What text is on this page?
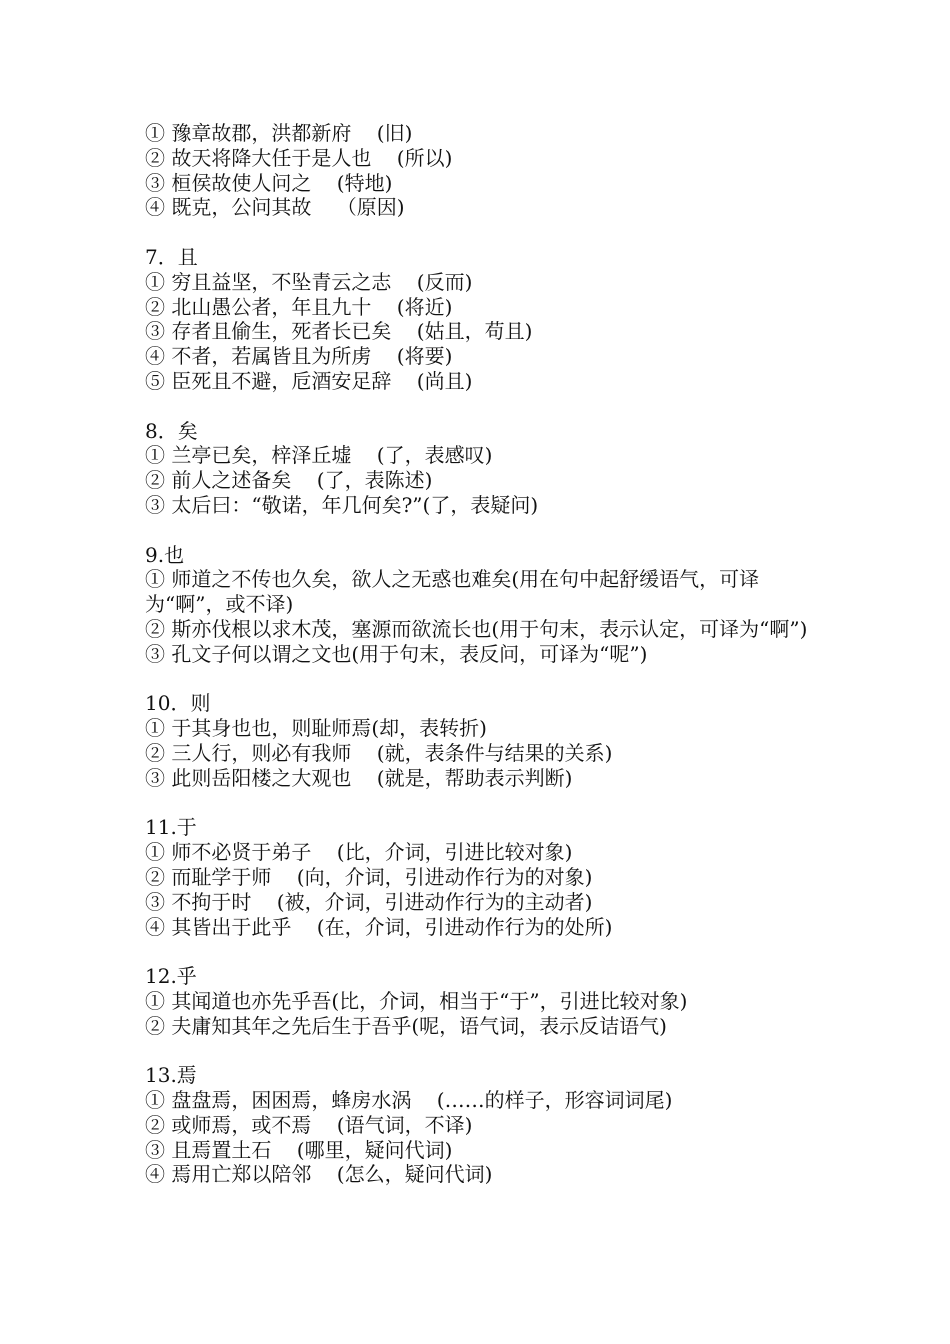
① 豫章故郡，洪都新府    (旧)
② 故天将降大任于是人也    (所以)
③ 桓侯故使人问之    (特地)
④ 既克，公问其故    （原因)
7．且
① 穷且益坚，不坠青云之志    (反而)
② 北山愚公者，年且九十    (将近)
③ 存者且偷生，死者长已矣    (姑且，苟且)
④ 不者，若属皆且为所虏    (将要)
⑤ 臣死且不避，卮酒安足辞    (尚且)
8．矣
① 兰亭已矣，梓泽丘墟    (了，表感叹)
② 前人之述备矣    (了，表陈述)
③ 太后曰：“敬诺，年几何矣?”(了，表疑问)
9.也
① 师道之不传也久矣，欲人之无惑也难矣(用在句中起舒缓语气，可译为“啊”，或不译)
② 斯亦伐根以求木茂，塞源而欲流长也(用于句末，表示认定，可译为“啊”)
③ 孔文子何以谓之文也(用于句末，表反问，可译为“呢”)
10．则
① 于其身也也，则耻师焉(却，表转折)
② 三人行，则必有我师    (就，表条件与结果的关系)
③ 此则岳阳楼之大观也    (就是，帮助表示判断)
11.于
① 师不必贤于弟子    (比，介词，引进比较对象)
② 而耻学于师    (向，介词，引进动作行为的对象)
③ 不拘于时    (被，介词，引进动作行为的主动者)
④ 其皆出于此乎    (在，介词，引进动作行为的处所)
12.乎
① 其闻道也亦先乎吾(比，介词，相当于“于”，引进比较对象)
② 夫庸知其年之先后生于吾乎(呢，语气词，表示反诘语气)
13.焉
① 盘盘焉，困困焉，蜂房水涡    (……的样子，形容词词尾)
② 或师焉，或不焉    (语气词，不译)
③ 且焉置土石    (哪里，疑问代词)
④ 焉用亡郑以陪邻    (怎么，疑问代词)
